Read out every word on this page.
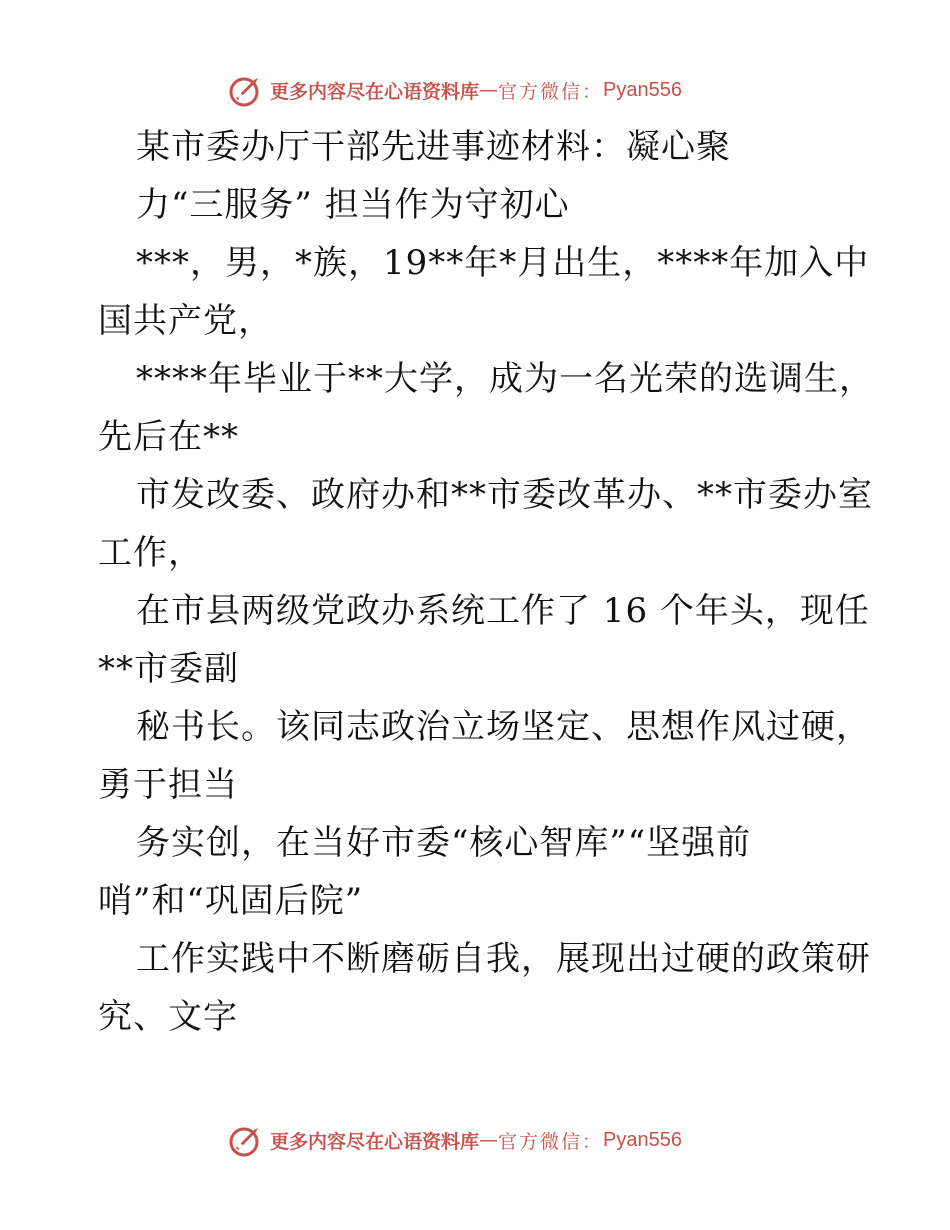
更多内容尽在心语资料库 — 官方微信： Pyan556
某市委办厅干部先进事迹材料：凝心聚
力“三服务” 担当作为守初心
***，男，*族，19**年*月出生，****年加入中
国共产党，
****年毕业于**大学，成为一名光荣的选调生，
先后在**
市发改委、政府办和**市委改革办、**市委办室
工作，
在市县两级党政办系统工作了 16 个年头，现任
**市委副
秘书长。该同志政治立场坚定、思想作风过硬，
勇于担当
务实创，在当好市委“核心智库”“坚强前
哨”和“巩固后院”
工作实践中不断磨砺自我，展现出过硬的政策研
究、文字
更多内容尽在心语资料库 — 官方微信： Pyan556
